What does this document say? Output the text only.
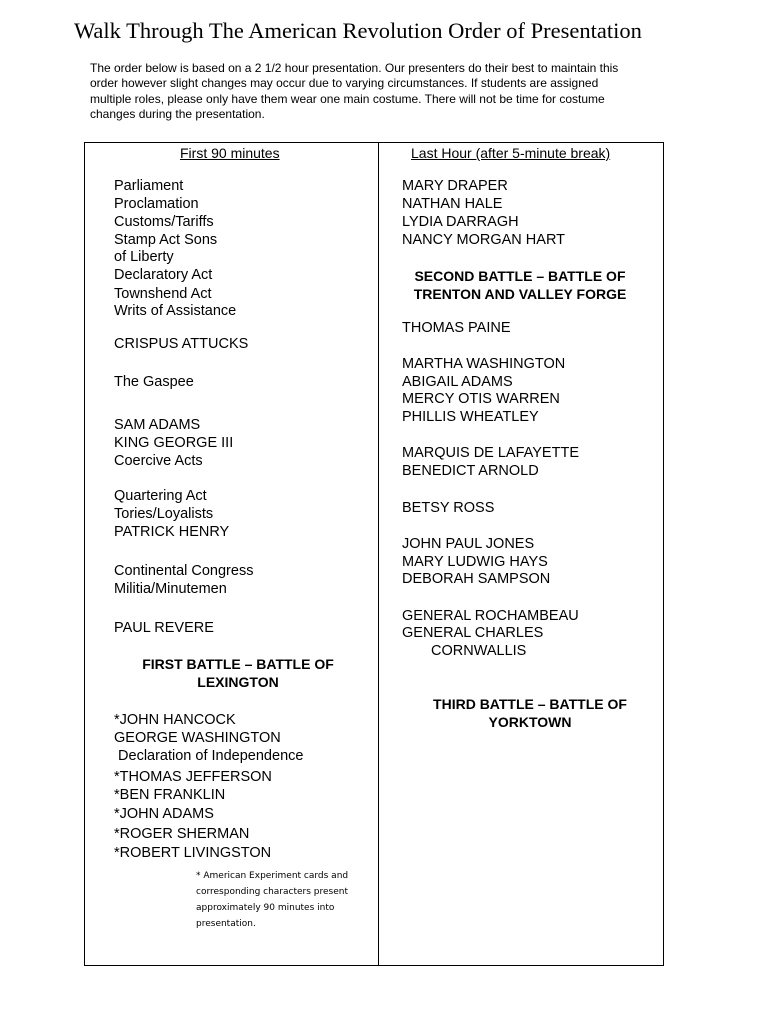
Walk Through The American Revolution Order of Presentation
The order below is based on a 2 1/2 hour presentation. Our presenters do their best to maintain this
order however slight changes may occur due to varying circumstances. If students are assigned
multiple roles, please only have them wear one main costume. There will not be time for costume
changes during the presentation.
First 90 minutes
Parliament
Proclamation
Customs/Tariffs
Stamp Act Sons
of Liberty
Declaratory Act
Townshend Act
Writs of Assistance
CRISPUS ATTUCKS
The Gaspee
SAM ADAMS
KING GEORGE III
Coercive Acts
Quartering Act
Tories/Loyalists
PATRICK HENRY
Continental Congress
Militia/Minutemen
PAUL REVERE
FIRST BATTLE – BATTLE OF
LEXINGTON
*JOHN HANCOCK
GEORGE WASHINGTON
Declaration of Independence
*THOMAS JEFFERSON
*BEN FRANKLIN
*JOHN ADAMS
*ROGER SHERMAN
*ROBERT LIVINGSTON
* American Experiment cards and
corresponding characters present
approximately 90 minutes into
presentation.
Last Hour (after 5-minute break)
MARY DRAPER
NATHAN HALE
LYDIA DARRAGH
NANCY MORGAN HART
SECOND BATTLE – BATTLE OF
TRENTON AND VALLEY FORGE
THOMAS PAINE
MARTHA WASHINGTON
ABIGAIL ADAMS
MERCY OTIS WARREN
PHILLIS WHEATLEY
MARQUIS DE LAFAYETTE
BENEDICT ARNOLD
BETSY ROSS
JOHN PAUL JONES
MARY LUDWIG HAYS
DEBORAH SAMPSON
GENERAL ROCHAMBEAU
GENERAL CHARLES
CORNWALLIS
THIRD BATTLE – BATTLE OF
YORKTOWN
